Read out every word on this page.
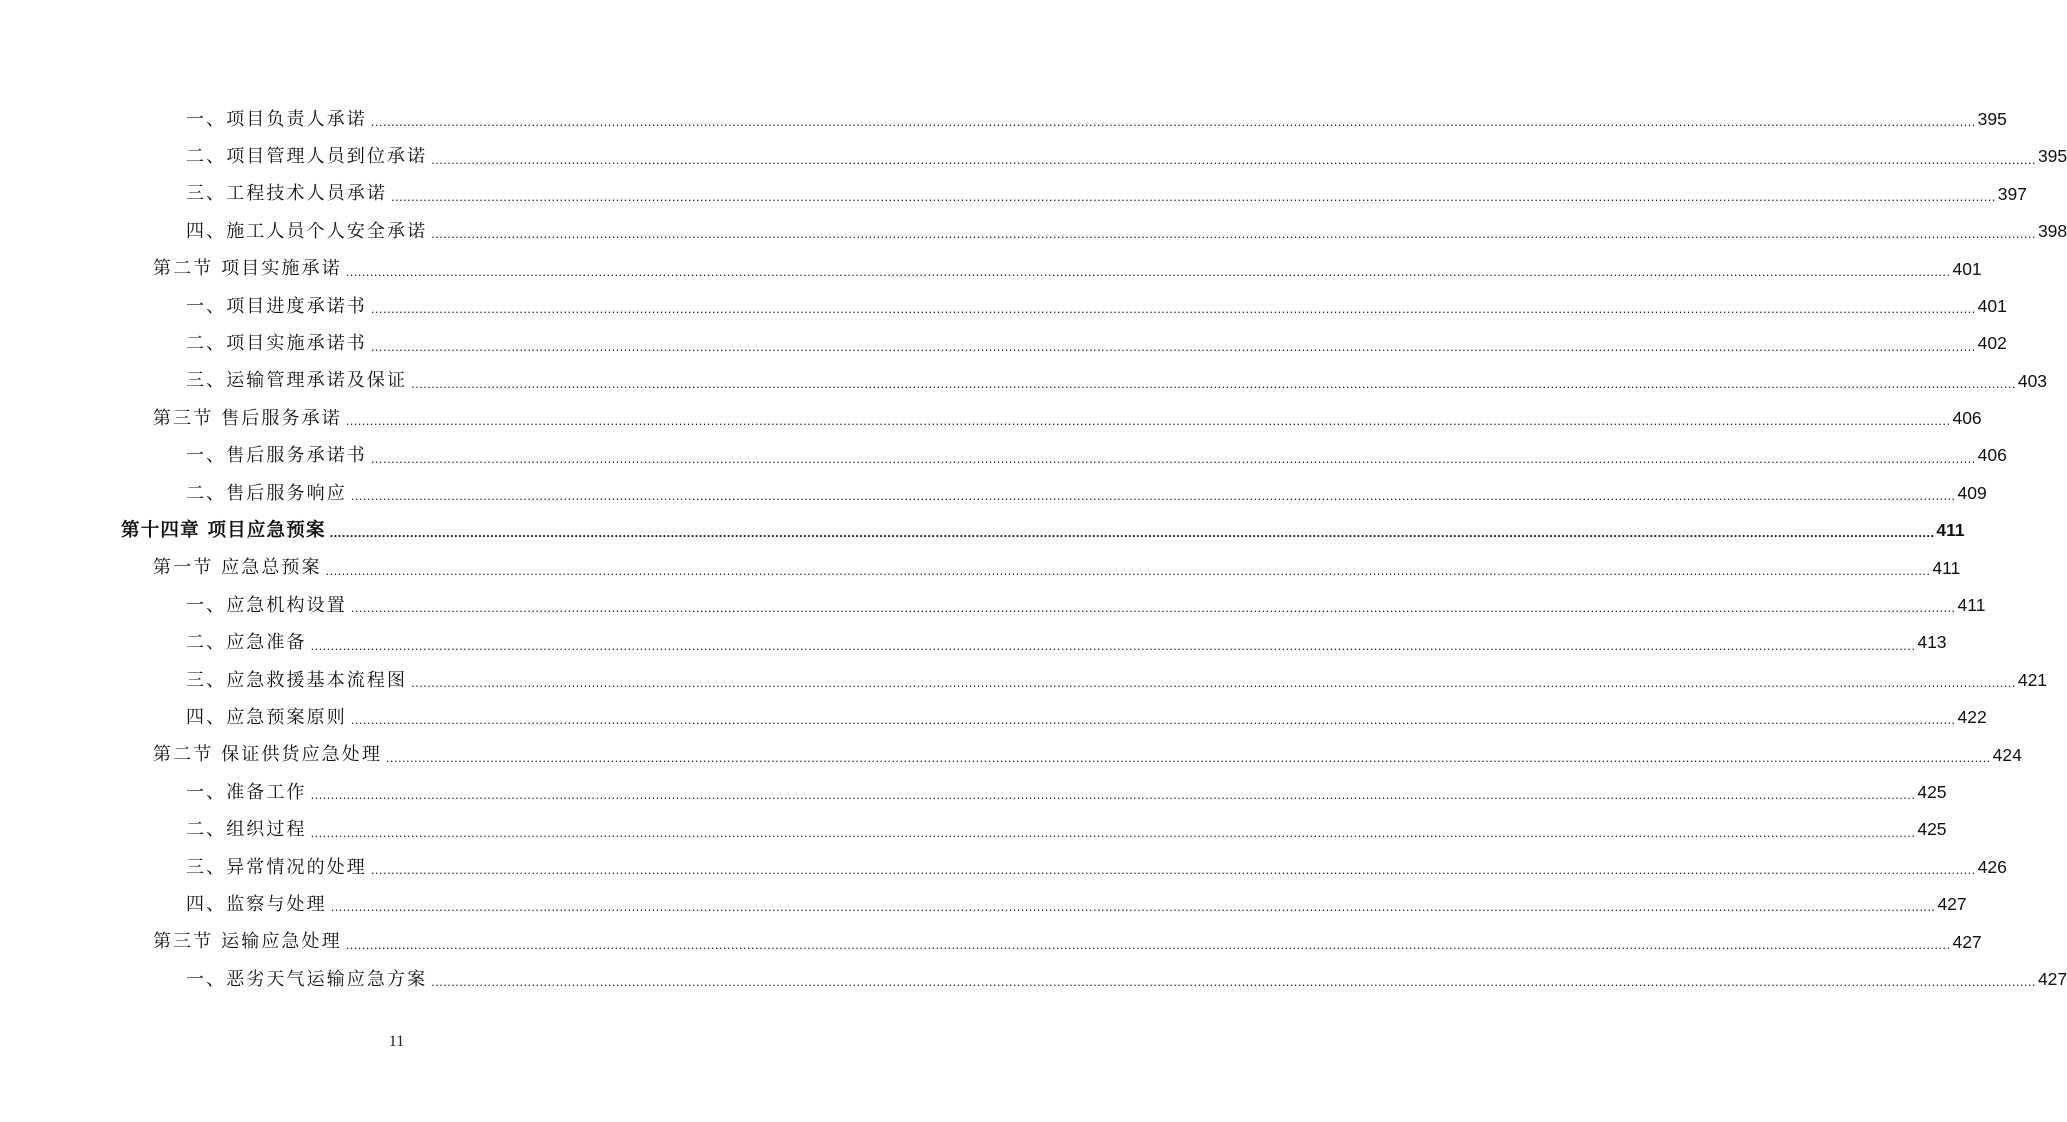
一、项目负责人承诺 ................................................................................................................................................................................................................................................................................................................................................................................................................ 395
二、项目管理人员到位承诺 ................................................................................................................................................................................................................................................................................................................................................................................................................ 395
三、工程技术人员承诺 ................................................................................................................................................................................................................................................................................................................................................................................................................ 397
四、施工人员个人安全承诺 ................................................................................................................................................................................................................................................................................................................................................................................................................ 398
第二节 项目实施承诺 ................................................................................................................................................................................................................................................................................................................................................................................................................ 401
一、项目进度承诺书 ................................................................................................................................................................................................................................................................................................................................................................................................................ 401
二、项目实施承诺书 ................................................................................................................................................................................................................................................................................................................................................................................................................ 402
三、运输管理承诺及保证 ................................................................................................................................................................................................................................................................................................................................................................................................................ 403
第三节 售后服务承诺 ................................................................................................................................................................................................................................................................................................................................................................................................................ 406
一、售后服务承诺书 ................................................................................................................................................................................................................................................................................................................................................................................................................ 406
二、售后服务响应 ................................................................................................................................................................................................................................................................................................................................................................................................................ 409
第十四章 项目应急预案 ................................................................................................................................................................................................................................................................................................................................................................................................................ 411
第一节 应急总预案 ................................................................................................................................................................................................................................................................................................................................................................................................................ 411
一、应急机构设置 ................................................................................................................................................................................................................................................................................................................................................................................................................ 411
二、应急准备 ................................................................................................................................................................................................................................................................................................................................................................................................................ 413
三、应急救援基本流程图 ................................................................................................................................................................................................................................................................................................................................................................................................................ 421
四、应急预案原则 ................................................................................................................................................................................................................................................................................................................................................................................................................ 422
第二节 保证供货应急处理 ................................................................................................................................................................................................................................................................................................................................................................................................................ 424
一、准备工作 ................................................................................................................................................................................................................................................................................................................................................................................................................ 425
二、组织过程 ................................................................................................................................................................................................................................................................................................................................................................................................................ 425
三、异常情况的处理 ................................................................................................................................................................................................................................................................................................................................................................................................................ 426
四、监察与处理 ................................................................................................................................................................................................................................................................................................................................................................................................................ 427
第三节 运输应急处理 ................................................................................................................................................................................................................................................................................................................................................................................................................ 427
一、恶劣天气运输应急方案 ................................................................................................................................................................................................................................................................................................................................................................................................................ 427
11
